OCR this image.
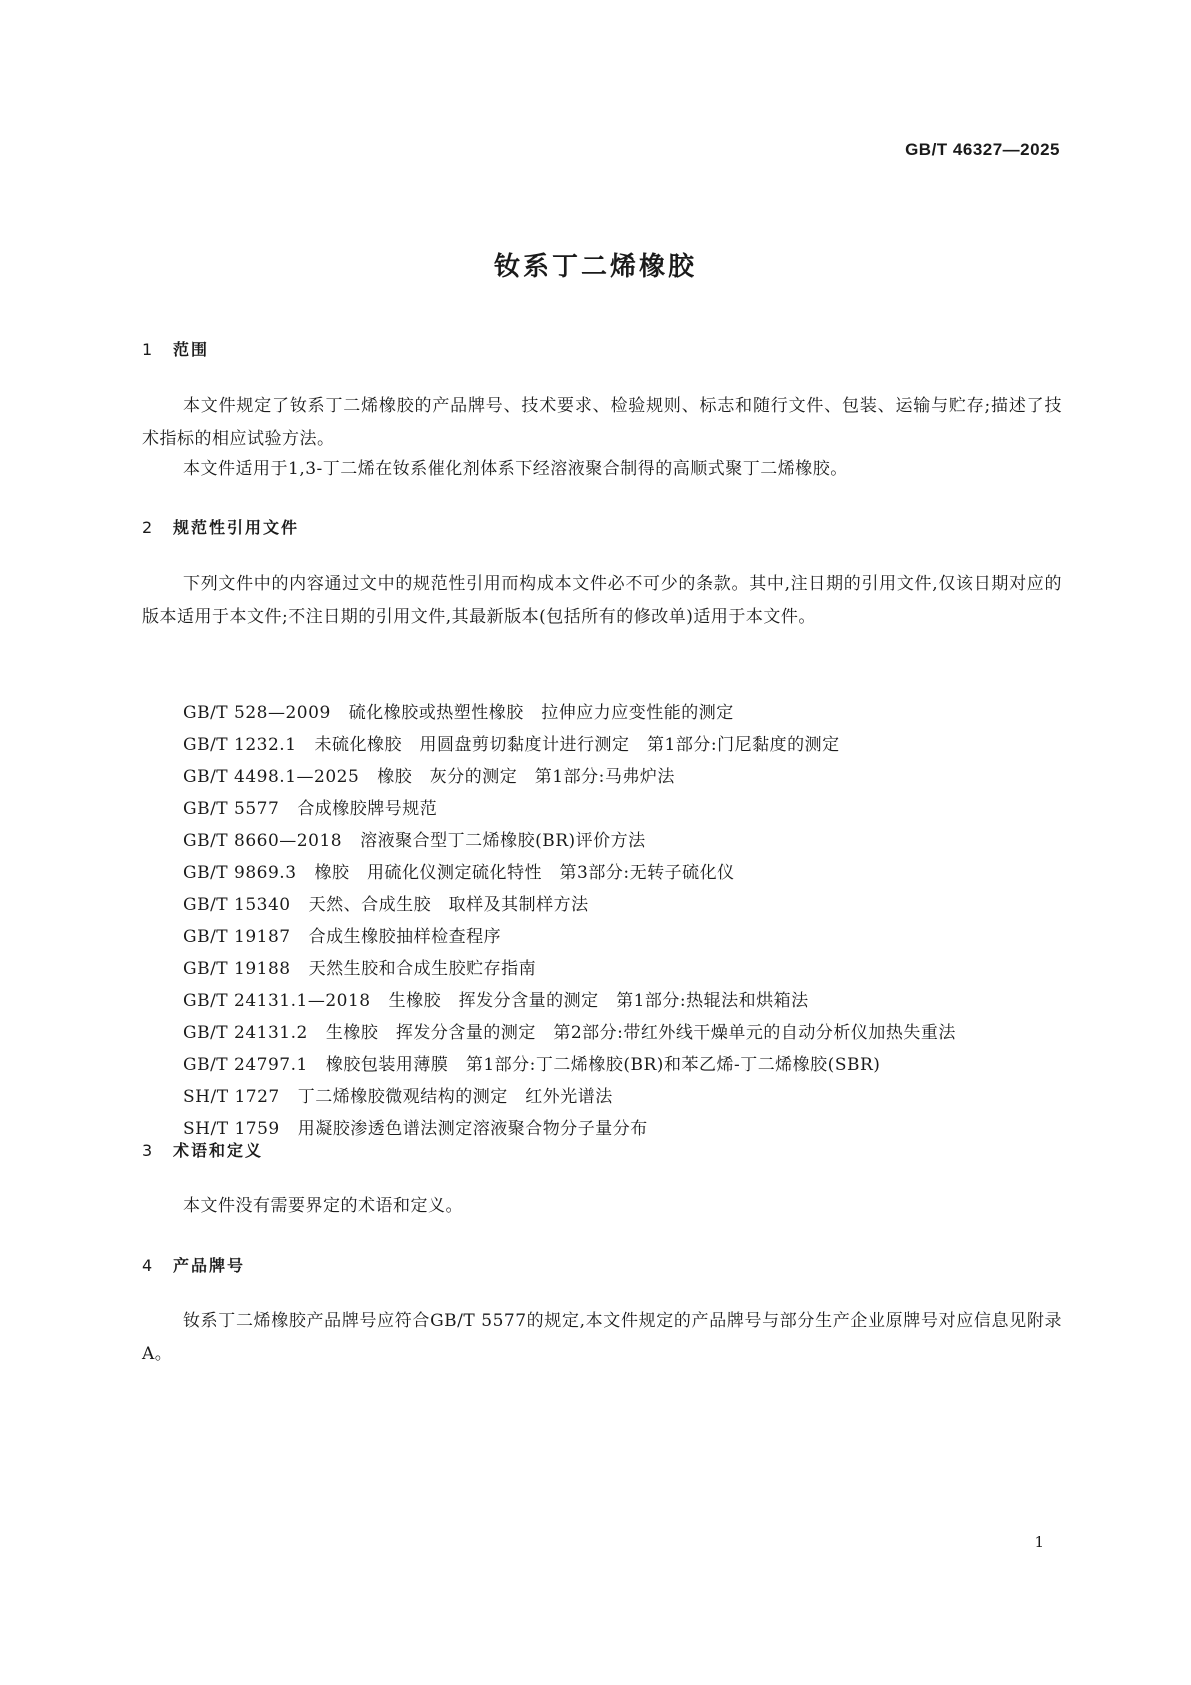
GB/T 46327—2025
钕系丁二烯橡胶
1 范围
本文件规定了钕系丁二烯橡胶的产品牌号、技术要求、检验规则、标志和随行文件、包装、运输与贮存;描述了技术指标的相应试验方法。
本文件适用于1,3-丁二烯在钕系催化剂体系下经溶液聚合制得的高顺式聚丁二烯橡胶。
2 规范性引用文件
下列文件中的内容通过文中的规范性引用而构成本文件必不可少的条款。其中,注日期的引用文件,仅该日期对应的版本适用于本文件;不注日期的引用文件,其最新版本(包括所有的修改单)适用于本文件。
GB/T 528—2009 硫化橡胶或热塑性橡胶　拉伸应力应变性能的测定
GB/T 1232.1 未硫化橡胶　用圆盘剪切黏度计进行测定　第1部分:门尼黏度的测定
GB/T 4498.1—2025 橡胶　灰分的测定　第1部分:马弗炉法
GB/T 5577 合成橡胶牌号规范
GB/T 8660—2018 溶液聚合型丁二烯橡胶(BR)评价方法
GB/T 9869.3 橡胶　用硫化仪测定硫化特性　第3部分:无转子硫化仪
GB/T 15340 天然、合成生胶　取样及其制样方法
GB/T 19187 合成生橡胶抽样检查程序
GB/T 19188 天然生胶和合成生胶贮存指南
GB/T 24131.1—2018 生橡胶　挥发分含量的测定　第1部分:热辊法和烘箱法
GB/T 24131.2 生橡胶　挥发分含量的测定　第2部分:带红外线干燥单元的自动分析仪加热失重法
GB/T 24797.1 橡胶包装用薄膜　第1部分:丁二烯橡胶(BR)和苯乙烯-丁二烯橡胶(SBR)
SH/T 1727 丁二烯橡胶微观结构的测定　红外光谱法
SH/T 1759 用凝胶渗透色谱法测定溶液聚合物分子量分布
3 术语和定义
本文件没有需要界定的术语和定义。
4 产品牌号
钕系丁二烯橡胶产品牌号应符合GB/T 5577的规定,本文件规定的产品牌号与部分生产企业原牌号对应信息见附录A。
1
